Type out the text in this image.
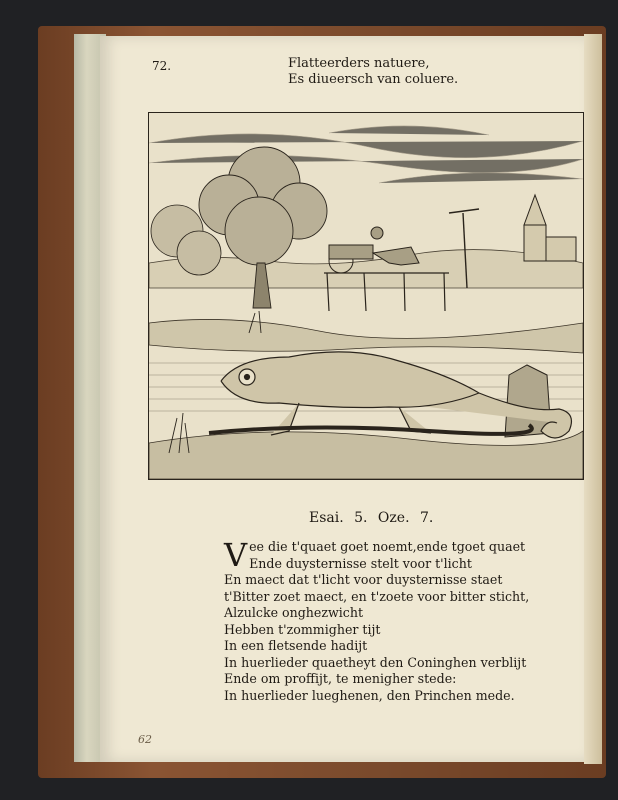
72.	Flatteerders natuere,
Es diueersch van coluere.
Esai. 5. Oze. 7.
Vee die t'quaet goet noemt,ende tgoet quaet
Ende duysternisse stelt voor t'licht
En maect dat t'licht voor duysternisse staet
t'Bitter zoet maect, en t'zoete voor bitter sticht,
Alzulcke onghezwicht
Hebben t'zommigher tijt
In een fletsende hadijt
In huerlieder quaetheyt den Coninghen verblijt
Ende om proffijt, te menigher stede:
In huerlieder lueghenen, den Princhen mede.
62
